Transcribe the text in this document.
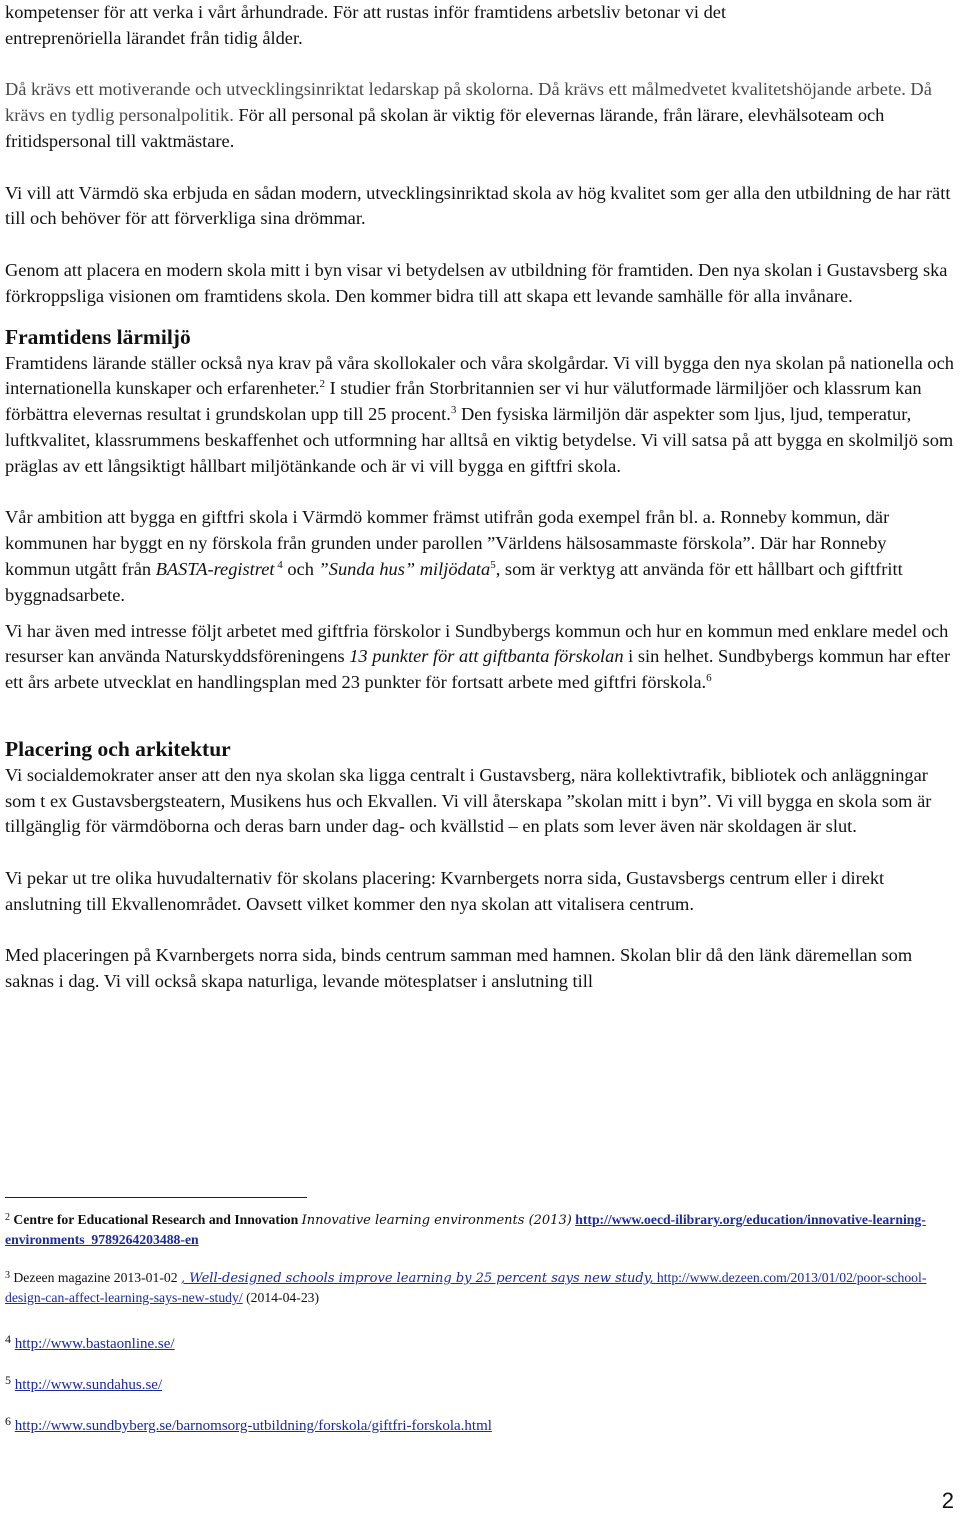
kompetenser för att verka i vårt århundrade. För att rustas inför framtidens arbetsliv betonar vi det
entreprenöriella lärandet från tidig ålder.

Då krävs ett motiverande och utvecklingsinriktat ledarskap på skolorna. Då krävs ett målmedvetet kvalitetshöjande arbete. Då krävs en tydlig personalpolitik. För all personal på skolan är viktig för elevernas lärande, från lärare, elevhälsoteam och fritidspersonal till vaktmästare.

Vi vill att Värmdö ska erbjuda en sådan modern, utvecklingsinriktad skola av hög kvalitet som ger alla den utbildning de har rätt till och behöver för att förverkliga sina drömmar.

Genom att placera en modern skola mitt i byn visar vi betydelsen av utbildning för framtiden. Den nya skolan i Gustavsberg ska förkroppsliga visionen om framtidens skola. Den kommer bidra till att skapa ett levande samhälle för alla invånare.

Framtidens lärmiljö

Framtidens lärande ställer också nya krav på våra skollokaler och våra skolgårdar. Vi vill bygga den nya skolan på nationella och internationella kunskaper och erfarenheter.$^2$ I studier från Storbritannien ser vi hur välutformade lärmiljöer och klassrum kan förbättra elevernas resultat i grundskolan upp till 25 procent.$^3$ Den fysiska lärmiljön där aspekter som ljus, ljud, temperatur, luftkvalitet, klassrummens beskaffenhet och utformning har alltså en viktig betydelse. Vi vill satsa på att bygga en skolmiljö som präglas av ett långsiktigt hållbart miljötänkande och är vi vill bygga en giftfri skola.

Vår ambition att bygga en giftfri skola i Värmdö kommer främst utifrån goda exempel från bl. a. Ronneby kommun, där kommunen har byggt en ny förskola från grunden under parollen ”Världens hälsosammaste förskola”. Där har Ronneby kommun utgått från BASTA-registret $^4$ och ”Sunda hus” miljödata$^5$, som är verktyg att använda för ett hållbart och giftfritt byggnadsarbete.

Vi har även med intresse följt arbetet med giftfria förskolor i Sundbybergs kommun och hur en kommun med enklare medel och resurser kan använda Naturskyddsföreningens 13 punkter för att giftbanta förskolan i sin helhet. Sundbybergs kommun har efter ett års arbete utvecklat en handlingsplan med 23 punkter för fortsatt arbete med giftfri förskola.$^6$

Placering och arkitektur

Vi socialdemokrater anser att den nya skolan ska ligga centralt i Gustavsberg, nära kollektivtrafik, bibliotek och anläggningar som t ex Gustavsbergsteatern, Musikens hus och Ekvallen. Vi vill återskapa ”skolan mitt i byn”. Vi vill bygga en skola som är tillgänglig för värmdöborna och deras barn under dag- och kvällstid – en plats som lever även när skoldagen är slut.

Vi pekar ut tre olika huvudalternativ för skolans placering: Kvarnbergets norra sida, Gustavsbergs centrum eller i direkt anslutning till Ekvallenområdet. Oavsett vilket kommer den nya skolan att vitalisera centrum.

Med placeringen på Kvarnbergets norra sida, binds centrum samman med hamnen. Skolan blir då den länk däremellan som saknas i dag. Vi vill också skapa naturliga, levande mötesplatser i anslutning till

$^2$ Centre for Educational Research and Innovation Innovative learning environments (2013) http://www.oecd-ilibrary.org/education/innovative-learning-environments_9789264203488-en
$^3$ Dezeen magazine 2013-01-02 , Well-designed schools improve learning by 25 percent says new study, http://www.dezeen.com/2013/01/02/poor-school-design-can-affect-learning-says-new-study/ (2014-04-23)
$^4$ http://www.bastaonline.se/
$^5$ http://www.sundahus.se/
$^6$ http://www.sundbyberg.se/barnomsorg-utbildning/forskola/giftfri-forskola.html
2
